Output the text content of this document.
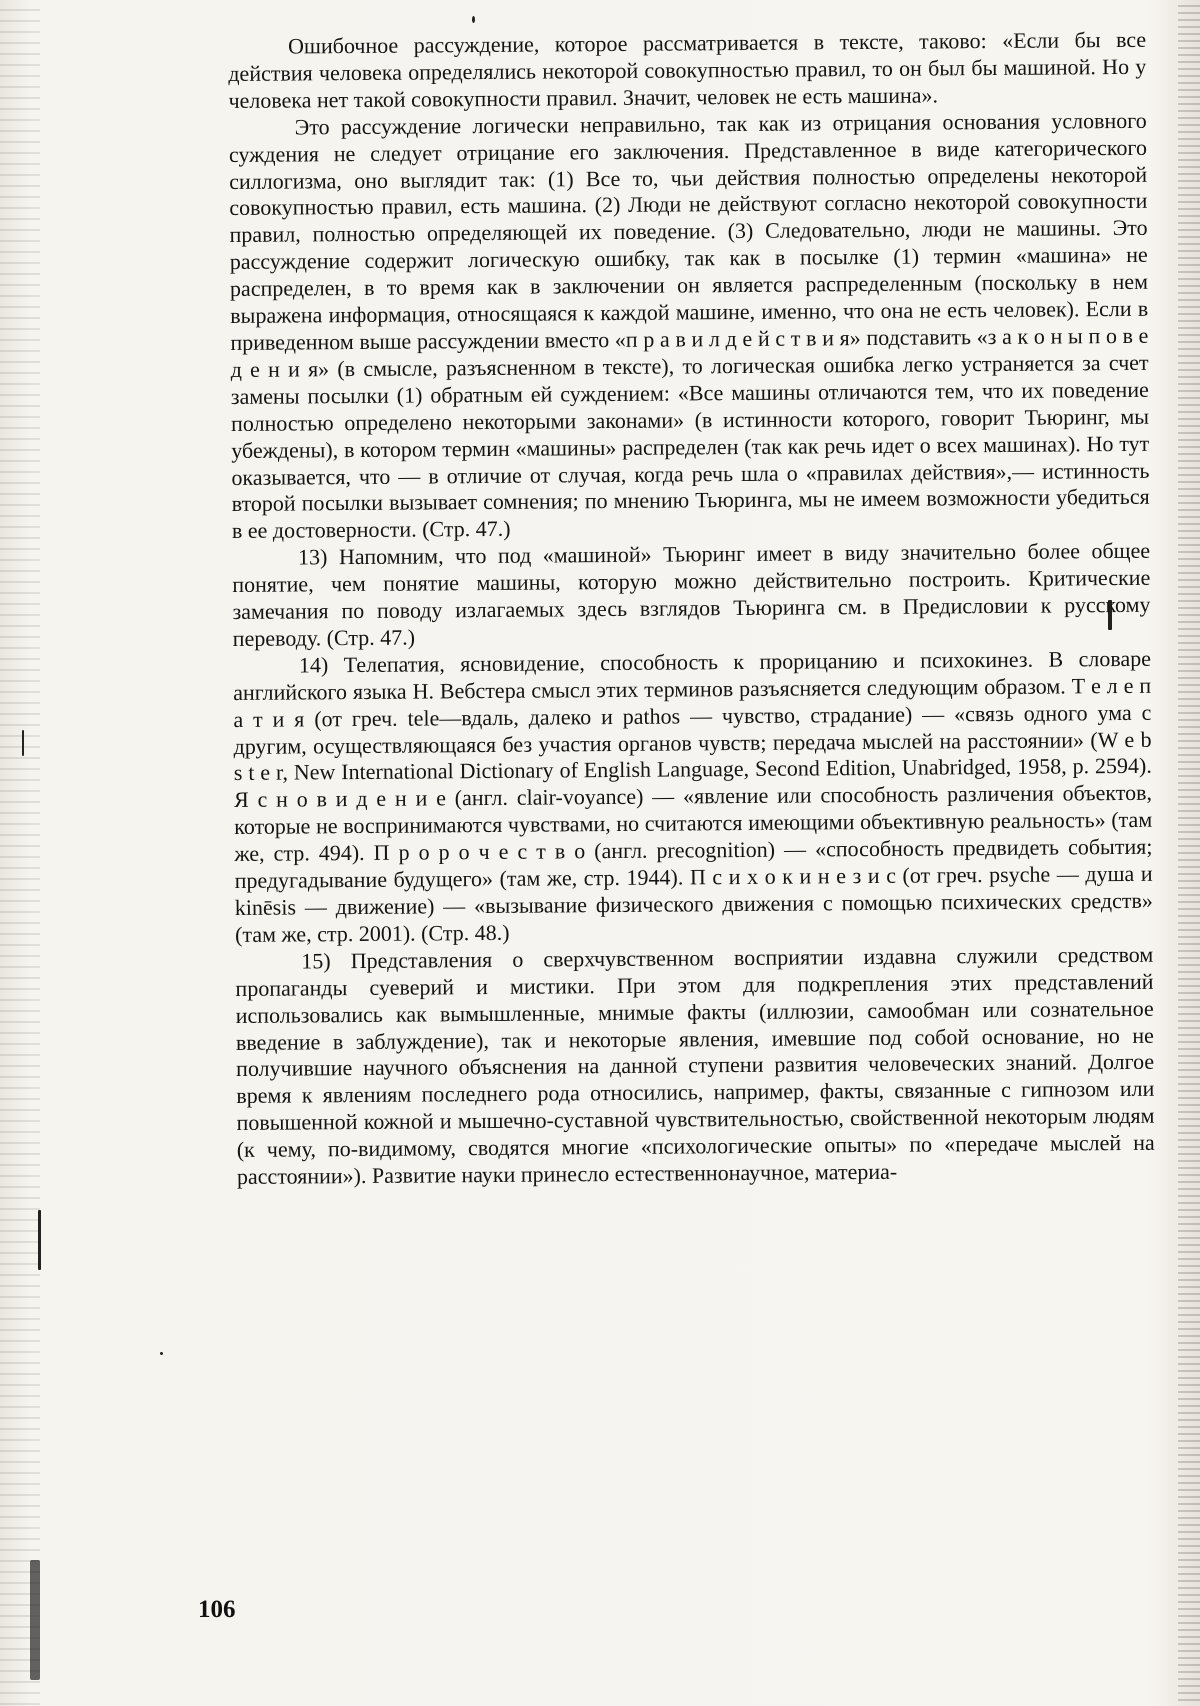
Ошибочное рассуждение, которое рассматривается в тексте, таково: «Если бы все действия человека определялись некоторой совокупностью правил, то он был бы машиной. Но у человека нет такой совокупности правил. Значит, человек не есть машина».

Это рассуждение логически неправильно, так как из отрицания основания условного суждения не следует отрицание его заключения. Представленное в виде категорического силлогизма, оно выглядит так: (1) Все то, чьи действия полностью определены некоторой совокупностью правил, есть машина. (2) Люди не действуют согласно некоторой совокупности правил, полностью определяющей их поведение. (3) Следовательно, люди не машины. Это рассуждение содержит логическую ошибку, так как в посылке (1) термин «машина» не распределен, в то время как в заключении он является распределенным (поскольку в нем выражена информация, относящаяся к каждой машине, именно, что она не есть человек). Если в приведенном выше рассуждении вместо «п р а в и л д е й с т в и я» подставить «з а к о н ы п о в е д е н и я» (в смысле, разъясненном в тексте), то логическая ошибка легко устраняется за счет замены посылки (1) обратным ей суждением: «Все машины отличаются тем, что их поведение полностью определено некоторыми законами» (в истинности которого, говорит Тьюринг, мы убеждены), в котором термин «машины» распределен (так как речь идет о всех машинах). Но тут оказывается, что — в отличие от случая, когда речь шла о «правилах действия»,— истинность второй посылки вызывает сомнения; по мнению Тьюринга, мы не имеем возможности убедиться в ее достоверности. (Стр. 47.)

13) Напомним, что под «машиной» Тьюринг имеет в виду значительно более общее понятие, чем понятие машины, которую можно действительно построить. Критические замечания по поводу излагаемых здесь взглядов Тьюринга см. в Предисловии к русскому переводу. (Стр. 47.)

14) Телепатия, ясновидение, способность к прорицанию и психокинез. В словаре английского языка Н. Вебстера смысл этих терминов разъясняется следующим образом. Т е л е п а т и я (от греч. tele—вдаль, далеко и pathos — чувство, страдание) — «связь одного ума с другим, осуществляющаяся без участия органов чувств; передача мыслей на расстоянии» (W e b s t e r, New International Dictionary of English Language, Second Edition, Unabridged, 1958, p. 2594). Я с н о в и д е н и е (англ. clair-voyance) — «явление или способность различения объектов, которые не воспринимаются чувствами, но считаются имеющими объективную реальность» (там же, стр. 494). П р о р о ч е с т в о (англ. precognition) — «способность предвидеть события; предугадывание будущего» (там же, стр. 1944). П с и х о к и н е з и с (от греч. psyche — душа и kinēsis — движение) — «вызывание физического движения с помощью психических средств» (там же, стр. 2001). (Стр. 48.)

15) Представления о сверхчувственном восприятии издавна служили средством пропаганды суеверий и мистики. При этом для подкрепления этих представлений использовались как вымышленные, мнимые факты (иллюзии, самообман или сознательное введение в заблуждение), так и некоторые явления, имевшие под собой основание, но не получившие научного объяснения на данной ступени развития человеческих знаний. Долгое время к явлениям последнего рода относились, например, факты, связанные с гипнозом или повышенной кожной и мышечно-суставной чувствительностью, свойственной некоторым людям (к чему, по-видимому, сводятся многие «психологические опыты» по «передаче мыслей на расстоянии»). Развитие науки принесло естественнонаучное, материа-

106
